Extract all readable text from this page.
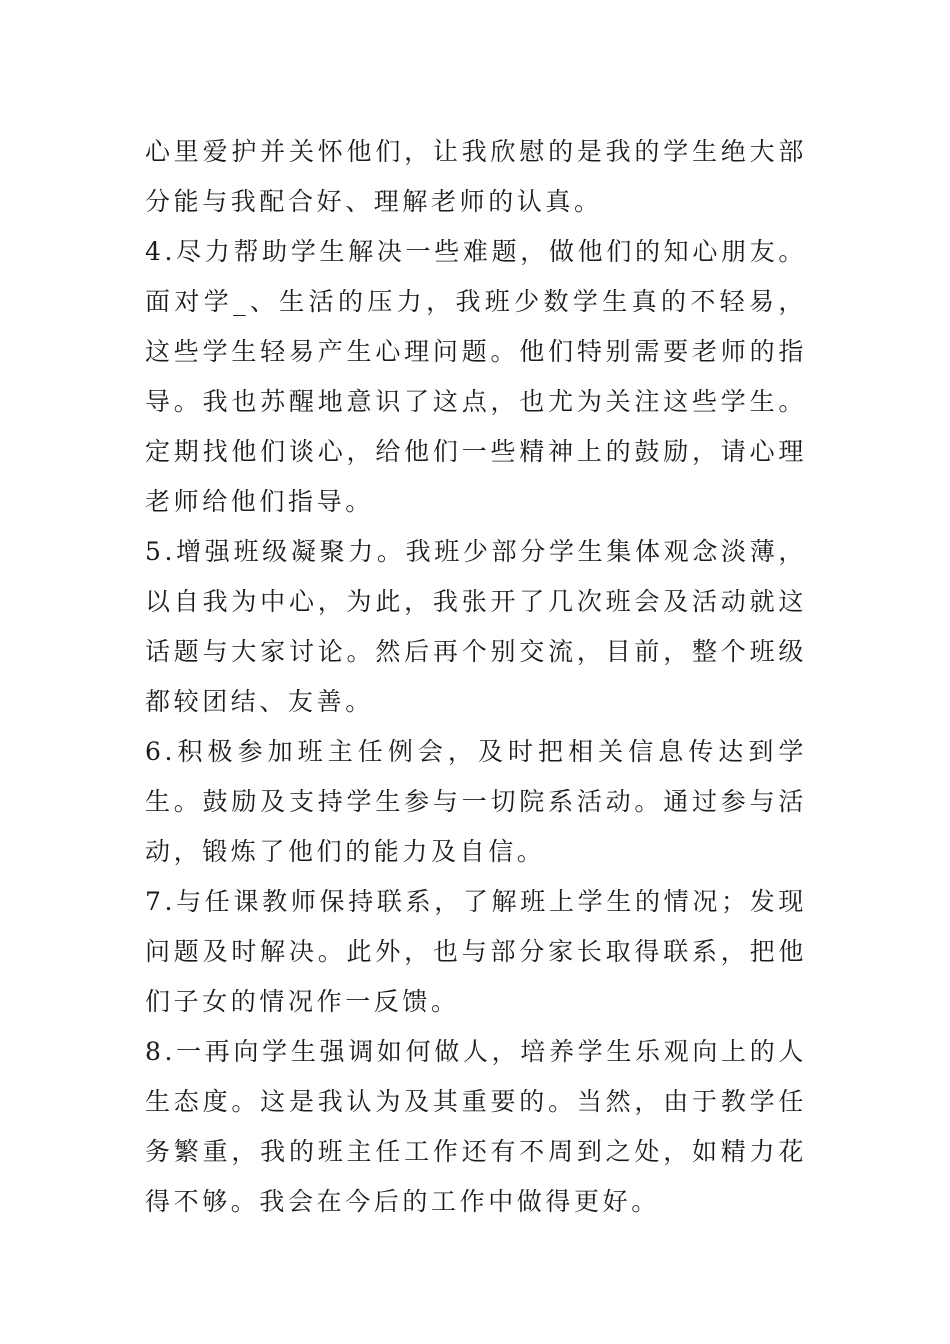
心里爱护并关怀他们，让我欣慰的是我的学生绝大部分能与我配合好、理解老师的认真。

4.尽力帮助学生解决一些难题，做他们的知心朋友。面对学_、生活的压力，我班少数学生真的不轻易，这些学生轻易产生心理问题。他们特别需要老师的指导。我也苏醒地意识了这点，也尤为关注这些学生。定期找他们谈心，给他们一些精神上的鼓励，请心理老师给他们指导。

5.增强班级凝聚力。我班少部分学生集体观念淡薄，以自我为中心，为此，我张开了几次班会及活动就这话题与大家讨论。然后再个别交流，目前，整个班级都较团结、友善。

6.积极参加班主任例会，及时把相关信息传达到学生。鼓励及支持学生参与一切院系活动。通过参与活动，锻炼了他们的能力及自信。

7.与任课教师保持联系，了解班上学生的情况；发现问题及时解决。此外，也与部分家长取得联系，把他们子女的情况作一反馈。

8.一再向学生强调如何做人，培养学生乐观向上的人生态度。这是我认为及其重要的。当然，由于教学任务繁重，我的班主任工作还有不周到之处，如精力花得不够。我会在今后的工作中做得更好。
